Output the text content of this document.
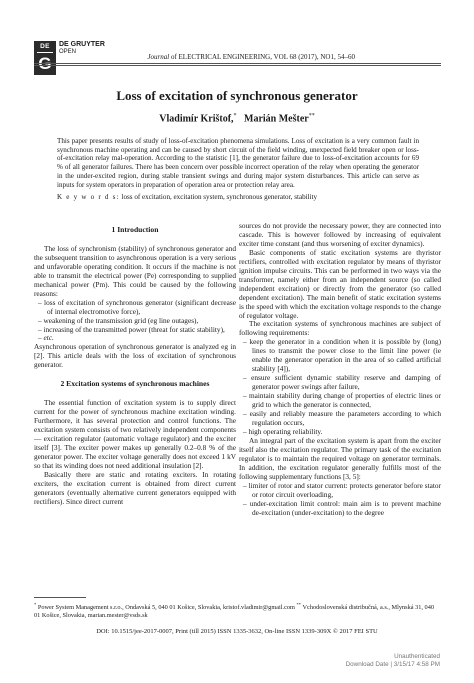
DE	DE GRUYTER
OPEN
Journal of ELECTRICAL ENGINEERING, VOL 68 (2017), NO1, 54–60
Loss of excitation of synchronous generator
Vladimír Krištof,* Marián Mešter**
This paper presents results of study of loss-of-excitation phenomena simulations. Loss of excitation is a very common fault in synchronous machine operating and can be caused by short circuit of the field winding, unexpected field breaker open or loss-of-excitation relay mal-operation. According to the statistic [1], the generator failure due to loss-of-excitation accounts for 69 % of all generator failures. There has been concern over possible incorrect operation of the relay when operating the generator in the under-excited region, during stable transient swings and during major system disturbances. This article can serve as inputs for system operators in preparation of operation area or protection relay area.
K e y w o r d s: loss of excitation, excitation system, synchronous generator, stability

1 Introduction

The loss of synchronism (stability) of synchronous generator and the subsequent transition to asynchronous operation is a very serious and unfavorable operating condition. It occurs if the machine is not able to transmit the electrical power (Pe) corresponding to supplied mechanical power (Pm). This could be caused by the following reasons:

– loss of excitation of synchronous generator (significant decrease of internal electromotive force),

– weakening of the transmission grid (eg line outages),

– increasing of the transmitted power (threat for static stability),

– etc.

Asynchronous operation of synchronous generator is analyzed eg in [2]. This article deals with the loss of excitation of synchronous generator.

2 Excitation systems of synchronous machines

The essential function of excitation system is to supply direct current for the power of synchronous machine excitation winding. Furthermore, it has several protection and control functions. The excitation system consists of two relatively independent components — excitation regulator (automatic voltage regulator) and the exciter itself [3]. The exciter power makes up generally 0.2–0.8 % of the generator power. The exciter voltage generally does not exceed 1 kV so that its winding does not need additional insulation [2].

Basically there are static and rotating exciters. In rotating exciters, the excitation current is obtained from direct current generators (eventually alternative current generators equipped with rectifiers). Since direct current

sources do not provide the necessary power, they are connected into cascade. This is however followed by increasing of equivalent exciter time constant (and thus worsening of exciter dynamics).

Basic components of static excitation systems are thyristor rectifiers, controlled with excitation regulator by means of thyristor ignition impulse circuits. This can be performed in two ways via the transformer, namely either from an independent source (so called independent excitation) or directly from the generator (so called dependent excitation). The main benefit of static excitation systems is the speed with which the excitation voltage responds to the change of regulator voltage.

The excitation systems of synchronous machines are subject of following requirements:

– keep the generator in a condition when it is possible by (long) lines to transmit the power close to the limit line power (ie enable the generator operation in the area of so called artificial stability [4]),

– ensure sufficient dynamic stability reserve and damping of generator power swings after failure,

– maintain stability during change of properties of electric lines or grid to which the generator is connected,

– easily and reliably measure the parameters according to which regulation occurs,

– high operating reliability.

An integral part of the excitation system is apart from the exciter itself also the excitation regulator. The primary task of the excitation regulator is to maintain the required voltage on generator terminals. In addition, the excitation regulator generally fulfills most of the following supplementary functions [3, 5]:

– limiter of rotor and stator current: protects generator before stator or rotor circuit overloading,

– under-excitation limit control: main aim is to prevent machine de-excitation (under-excitation) to the degree

* Power System Management s.r.o., Ondavská 5, 040 01 Košice, Slovakia, kristof.vladimir@gmail.com ** Vchodoslovenská distribučná, a.s., Mlynská 31, 040 01 Košice, Slovakia, marian.mester@vsds.sk
DOI: 10.1515/jee-2017-0007, Print (till 2015) ISSN 1335-3632, On-line ISSN 1339-309X © 2017 FEI STU
Unauthenticated
Download Date | 3/15/17 4:58 PM
